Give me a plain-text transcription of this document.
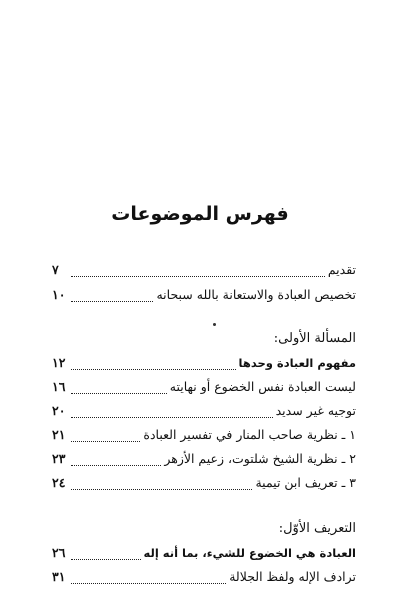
فهرس الموضوعات
تقديم
٧
تخصيص العبادة والاستعانة بالله سبحانه
١٠
المسألة الأولى:
مفهوم العبادة وحدها
١٢
ليست العبادة نفس الخضوع أو نهايته
١٦
توجيه غير سديد
٢٠
١ ـ نظرية صاحب المنار في تفسير العبادة
٢١
٢ ـ نظرية الشيخ شلتوت، زعيم الأزهر
٢٣
٣ ـ تعريف ابن تيمية
٢٤
التعريف الأوّل:
العبادة هي الخضوع للشيء، بما أنه إله
٢٦
ترادف الإله ولفظ الجلالة
٣١
